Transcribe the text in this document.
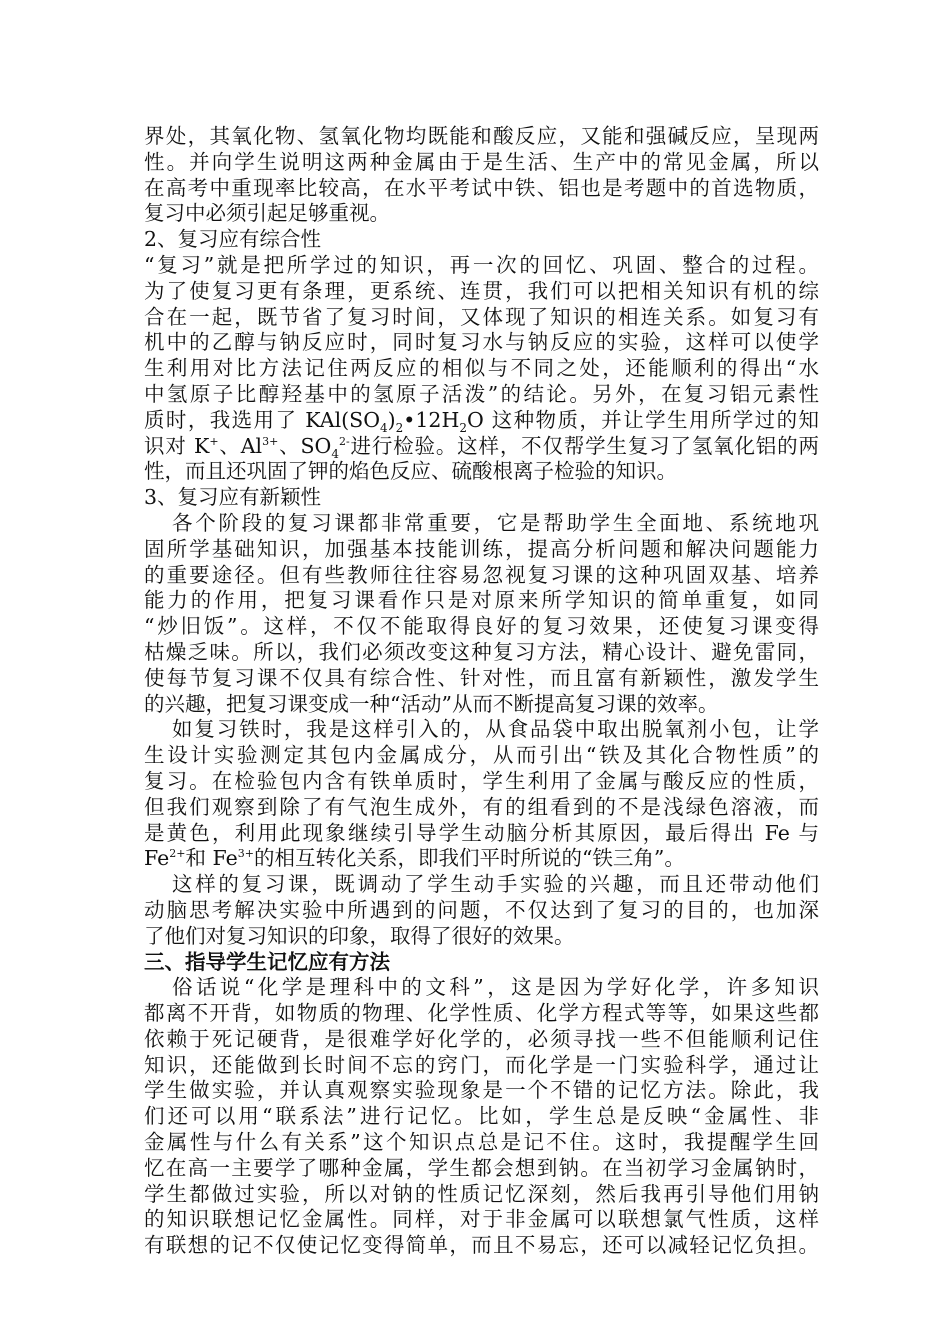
界处，其氧化物、氢氧化物均既能和酸反应，又能和强碱反应，呈现两
性。并向学生说明这两种金属由于是生活、生产中的常见金属，所以
在高考中重现率比较高，在水平考试中铁、铝也是考题中的首选物质，
复习中必须引起足够重视。
2、复习应有综合性
“复习”就是把所学过的知识，再一次的回忆、巩固、整合的过程。
为了使复习更有条理，更系统、连贯，我们可以把相关知识有机的综
合在一起，既节省了复习时间，又体现了知识的相连关系。如复习有
机中的乙醇与钠反应时，同时复习水与钠反应的实验，这样可以使学
生利用对比方法记住两反应的相似与不同之处，还能顺利的得出“水
中氢原子比醇羟基中的氢原子活泼”的结论。另外，在复习铝元素性
质时，我选用了 $KAl(SO_4)_2•12H_2O$ 这种物质，并让学生用所学过的知
识对 K+、$Al^{3+}$、$SO_4^{2-}$进行检验。这样，不仅帮学生复习了氢氧化铝的两
性，而且还巩固了钾的焰色反应、硫酸根离子检验的知识。
3、复习应有新颖性
各个阶段的复习课都非常重要，它是帮助学生全面地、系统地巩
固所学基础知识，加强基本技能训练，提高分析问题和解决问题能力
的重要途径。但有些教师往往容易忽视复习课的这种巩固双基、培养
能力的作用，把复习课看作只是对原来所学知识的简单重复，如同
“炒旧饭”。这样，不仅不能取得良好的复习效果，还使复习课变得
枯燥乏味。所以，我们必须改变这种复习方法，精心设计、避免雷同，
使每节复习课不仅具有综合性、针对性，而且富有新颖性，激发学生
的兴趣，把复习课变成一种“活动”从而不断提高复习课的效率。
如复习铁时，我是这样引入的，从食品袋中取出脱氧剂小包，让学
生设计实验测定其包内金属成分，从而引出“铁及其化合物性质”的
复习。在检验包内含有铁单质时，学生利用了金属与酸反应的性质，
但我们观察到除了有气泡生成外，有的组看到的不是浅绿色溶液，而
是黄色，利用此现象继续引导学生动脑分析其原因，最后得出 Fe 与
$Fe^{2+}$和 $Fe^{3+}$的相互转化关系，即我们平时所说的“铁三角”。
这样的复习课，既调动了学生动手实验的兴趣，而且还带动他们
动脑思考解决实验中所遇到的问题，不仅达到了复习的目的，也加深
了他们对复习知识的印象，取得了很好的效果。
三、指导学生记忆应有方法
俗话说“化学是理科中的文科”，这是因为学好化学，许多知识
都离不开背，如物质的物理、化学性质、化学方程式等等，如果这些都
依赖于死记硬背，是很难学好化学的，必须寻找一些不但能顺利记住
知识，还能做到长时间不忘的窍门，而化学是一门实验科学，通过让
学生做实验，并认真观察实验现象是一个不错的记忆方法。除此，我
们还可以用“联系法”进行记忆。比如，学生总是反映“金属性、非
金属性与什么有关系”这个知识点总是记不住。这时，我提醒学生回
忆在高一主要学了哪种金属，学生都会想到钠。在当初学习金属钠时，
学生都做过实验，所以对钠的性质记忆深刻，然后我再引导他们用钠
的知识联想记忆金属性。同样，对于非金属可以联想氯气性质，这样
有联想的记不仅使记忆变得简单，而且不易忘，还可以减轻记忆负担。
